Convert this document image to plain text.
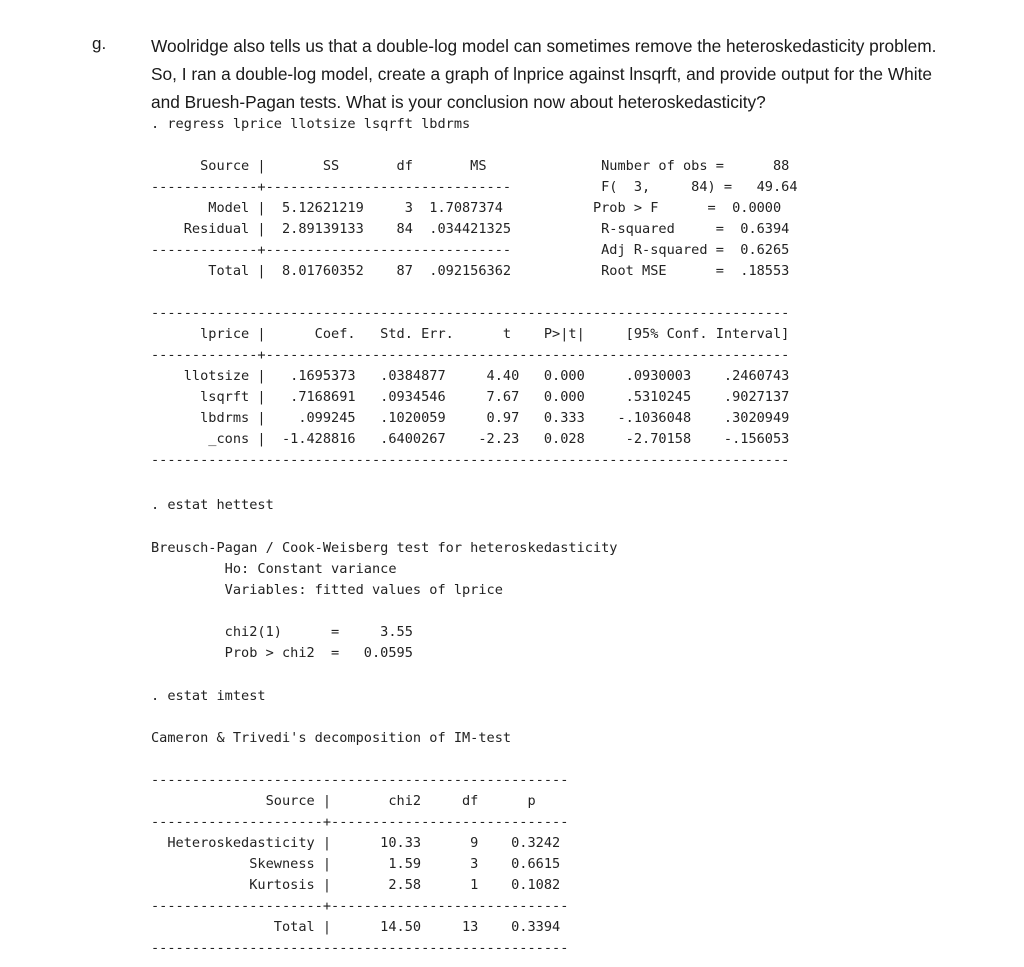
g.	Woolridge also tells us that a double-log model can sometimes remove the heteroskedasticity problem.
So, I ran a double-log model, create a graph of lnprice against lnsqrft, and provide output for the White
and Bruesh-Pagan tests. What is your conclusion now about heteroskedasticity?
. regress lprice llotsize lsqrft lbdrms
Source |       SS       df       MS              Number of obs =      88
-------------+------------------------------           F(  3,     84) =   49.64
Model |  5.12621219     3  1.7087374           Prob > F      =  0.0000
Residual |  2.89139133    84  .034421325           R-squared     =  0.6394
-------------+------------------------------           Adj R-squared =  0.6265
Total |  8.01760352    87  .092156362           Root MSE      =  .18553
------------------------------------------------------------------------------
lprice |      Coef.   Std. Err.      t    P>|t|     [95% Conf. Interval]
-------------+----------------------------------------------------------------
llotsize |   .1695373   .0384877     4.40   0.000     .0930003    .2460743
lsqrft |   .7168691   .0934546     7.67   0.000     .5310245    .9027137
lbdrms |    .099245   .1020059     0.97   0.333    -.1036048    .3020949
_cons |  -1.428816   .6400267    -2.23   0.028     -2.70158    -.156053
------------------------------------------------------------------------------
. estat hettest
Breusch-Pagan / Cook-Weisberg test for heteroskedasticity
Ho: Constant variance
Variables: fitted values of lprice

chi2(1)      =     3.55
Prob > chi2  =   0.0595
. estat imtest
Cameron & Trivedi's decomposition of IM-test
---------------------------------------------------
Source |       chi2     df      p
---------------------+-----------------------------
Heteroskedasticity |      10.33      9    0.3242
Skewness |       1.59      3    0.6615
Kurtosis |       2.58      1    0.1082
---------------------+-----------------------------
Total |      14.50     13    0.3394
---------------------------------------------------
